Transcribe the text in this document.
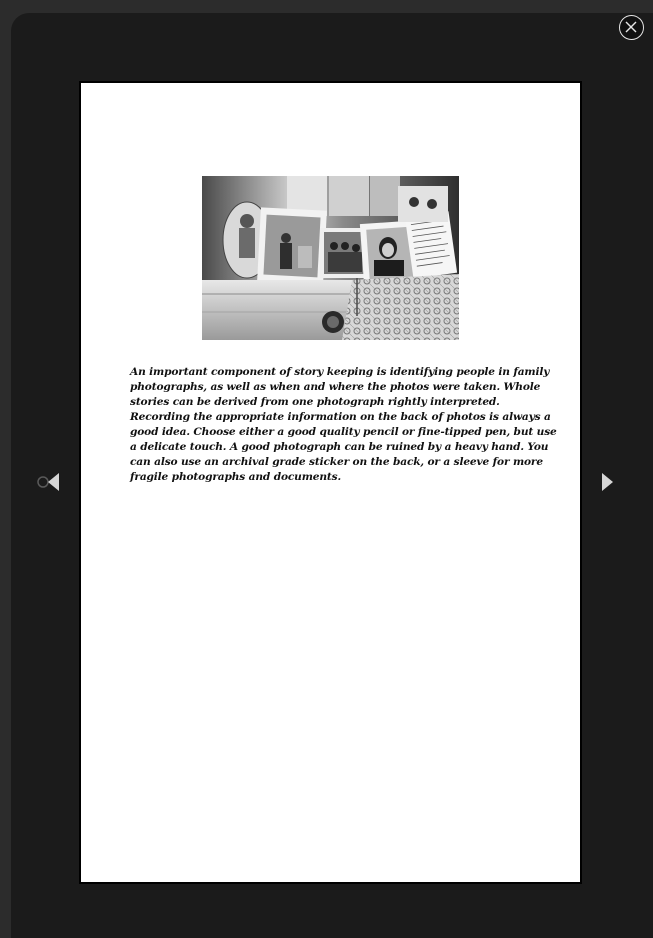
An important component of story keeping is identifying people in family photographs, as well as when and where the photos were taken. Whole stories can be derived from one photograph rightly interpreted. Recording the appropriate information on the back of photos is always a good idea. Choose either a good quality pencil or fine-tipped pen, but use a delicate touch. A good photograph can be ruined by a heavy hand. You can also use an archival grade sticker on the back, or a sleeve for more fragile photographs and documents.
